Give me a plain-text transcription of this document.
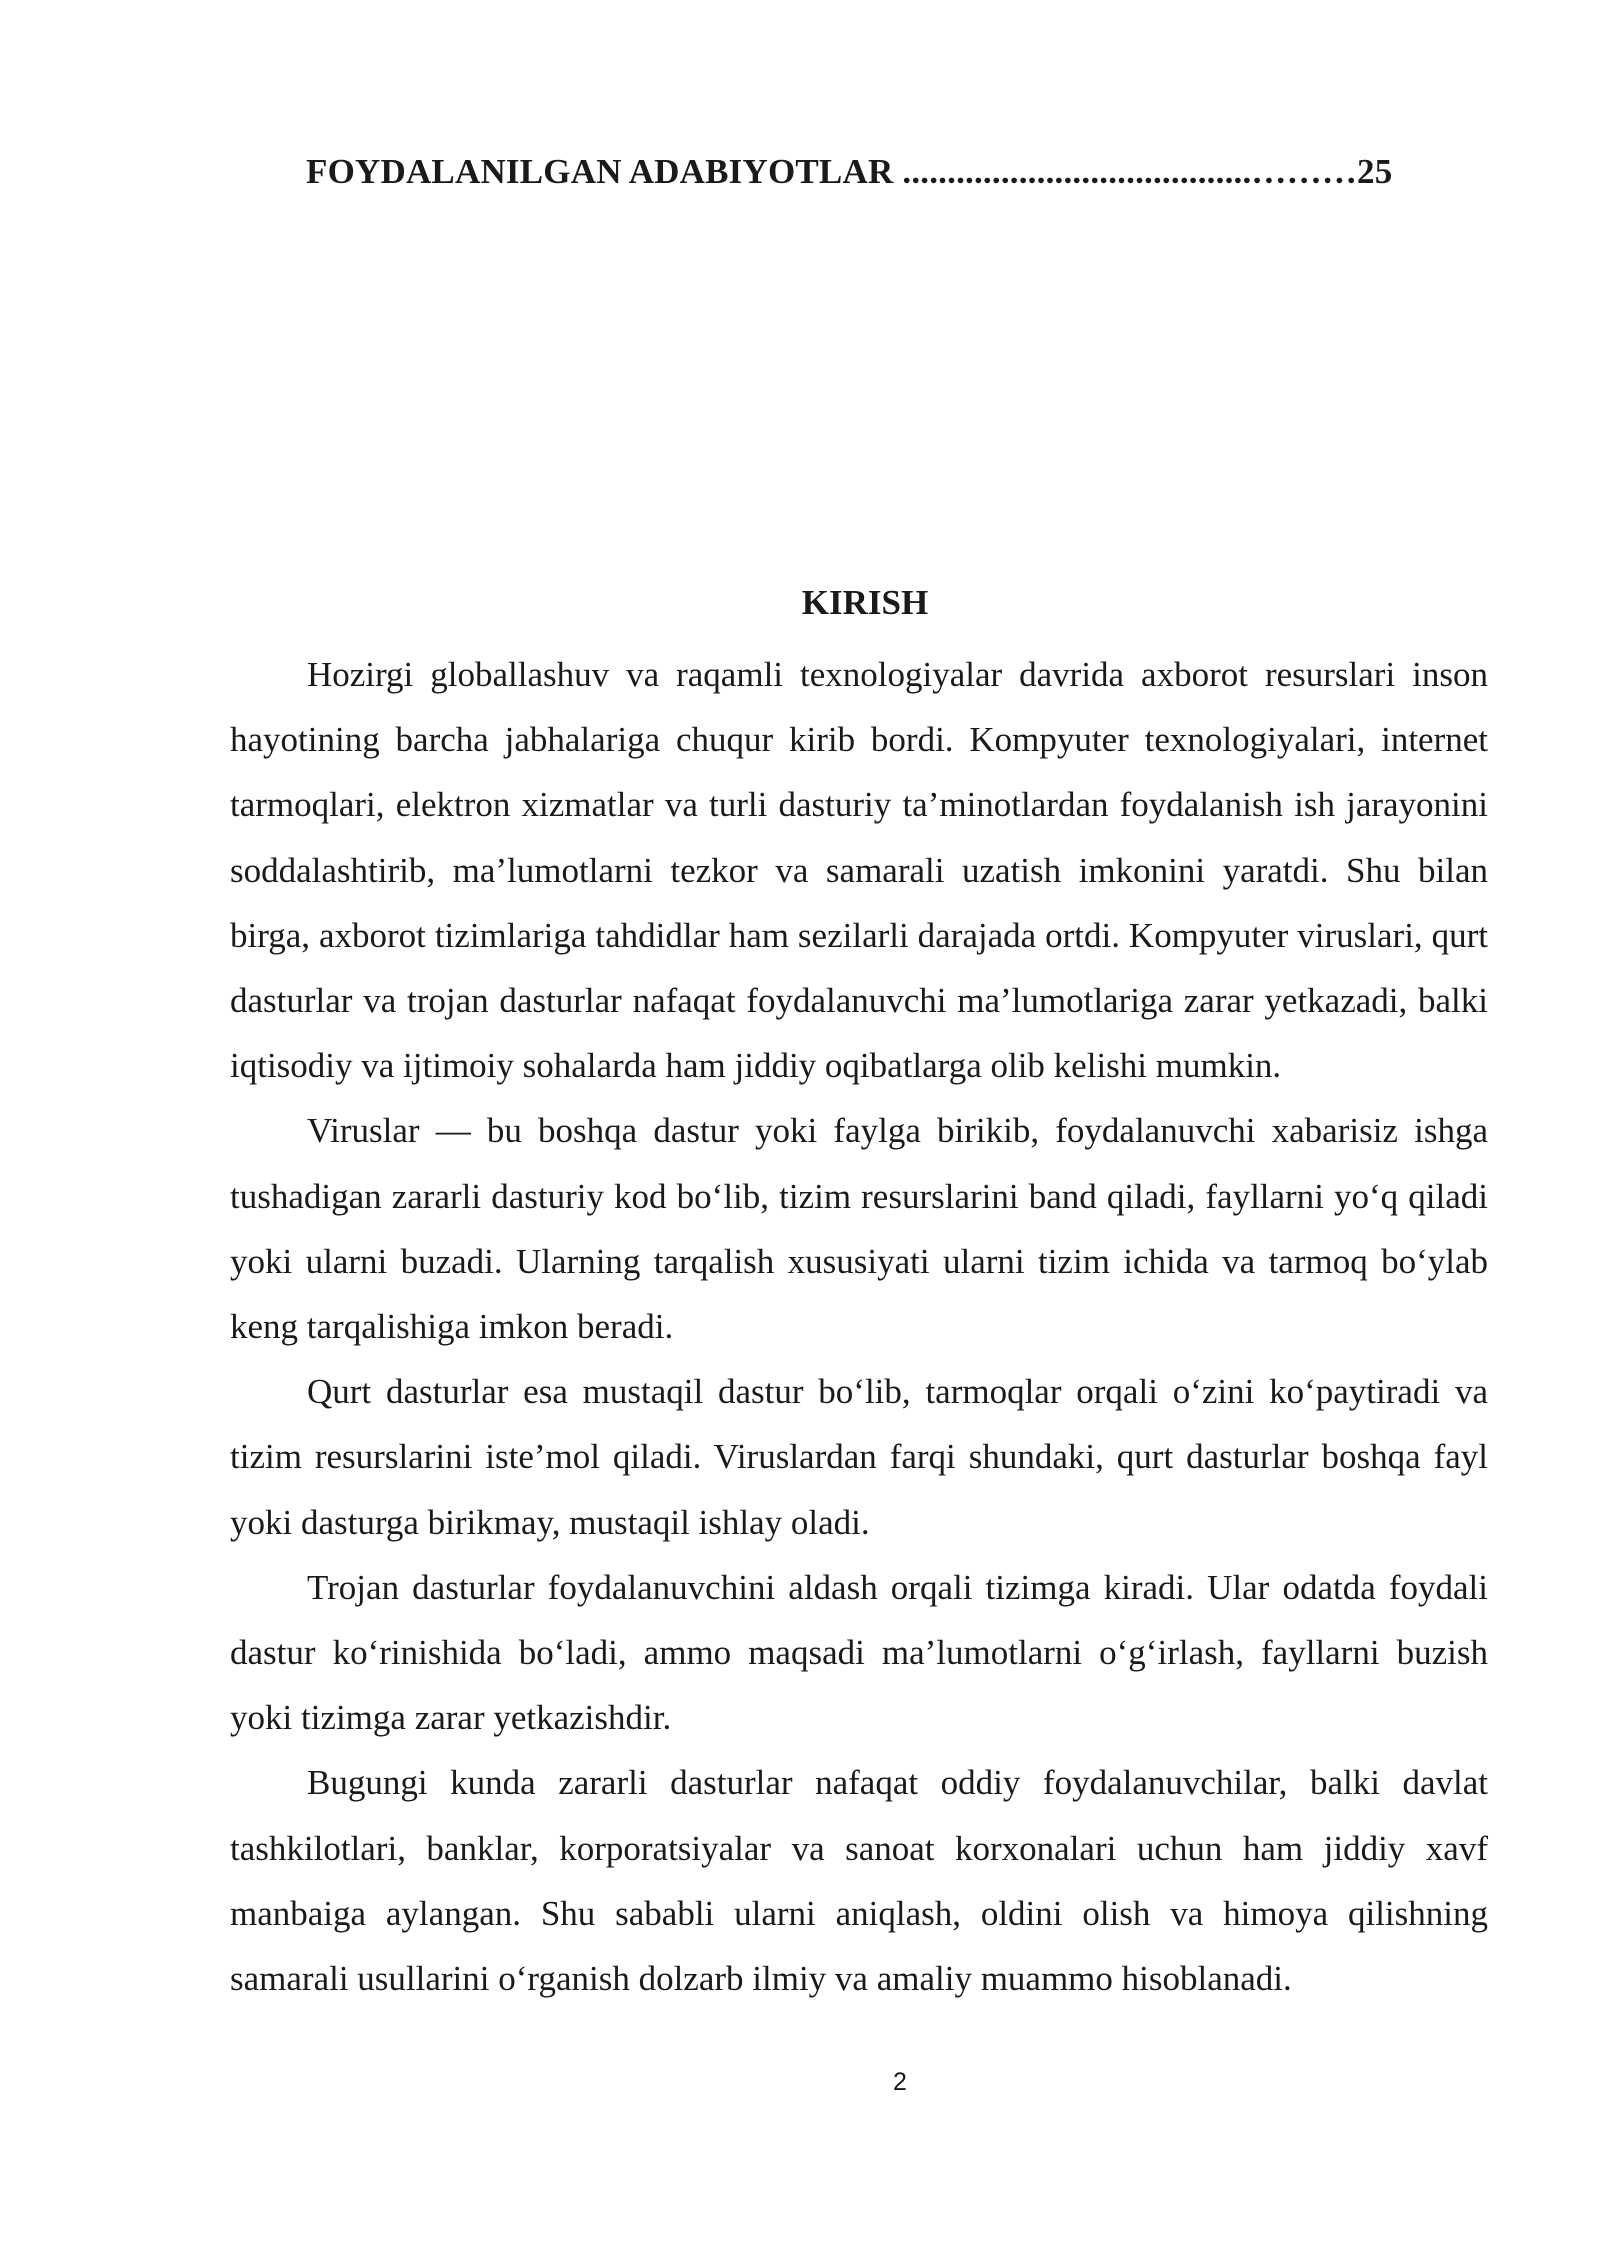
FOYDALANILGAN ADABIYOTLAR .......................................………25
KIRISH

Hozirgi globallashuv va raqamli texnologiyalar davrida axborot resurslari inson hayotining barcha jabhalariga chuqur kirib bordi. Kompyuter texnologiyalari, internet tarmoqlari, elektron xizmatlar va turli dasturiy ta’minotlardan foydalanish ish jarayonini soddalashtirib, ma’lumotlarni tezkor va samarali uzatish imkonini yaratdi. Shu bilan birga, axborot tizimlariga tahdidlar ham sezilarli darajada ortdi. Kompyuter viruslari, qurt dasturlar va trojan dasturlar nafaqat foydalanuvchi ma’lumotlariga zarar yetkazadi, balki iqtisodiy va ijtimoiy sohalarda ham jiddiy oqibatlarga olib kelishi mumkin.

Viruslar — bu boshqa dastur yoki faylga birikib, foydalanuvchi xabarisiz ishga tushadigan zararli dasturiy kod bo‘lib, tizim resurslarini band qiladi, fayllarni yo‘q qiladi yoki ularni buzadi. Ularning tarqalish xususiyati ularni tizim ichida va tarmoq bo‘ylab keng tarqalishiga imkon beradi.

Qurt dasturlar esa mustaqil dastur bo‘lib, tarmoqlar orqali o‘zini ko‘paytiradi va tizim resurslarini iste’mol qiladi. Viruslardan farqi shundaki, qurt dasturlar boshqa fayl yoki dasturga birikmay, mustaqil ishlay oladi.

Trojan dasturlar foydalanuvchini aldash orqali tizimga kiradi. Ular odatda foydali dastur ko‘rinishida bo‘ladi, ammo maqsadi ma’lumotlarni o‘g‘irlash, fayllarni buzish yoki tizimga zarar yetkazishdir.

Bugungi kunda zararli dasturlar nafaqat oddiy foydalanuvchilar, balki davlat tashkilotlari, banklar, korporatsiyalar va sanoat korxonalari uchun ham jiddiy xavf manbaiga aylangan. Shu sababli ularni aniqlash, oldini olish va himoya qilishning samarali usullarini o‘rganish dolzarb ilmiy va amaliy muammo hisoblanadi.

2
